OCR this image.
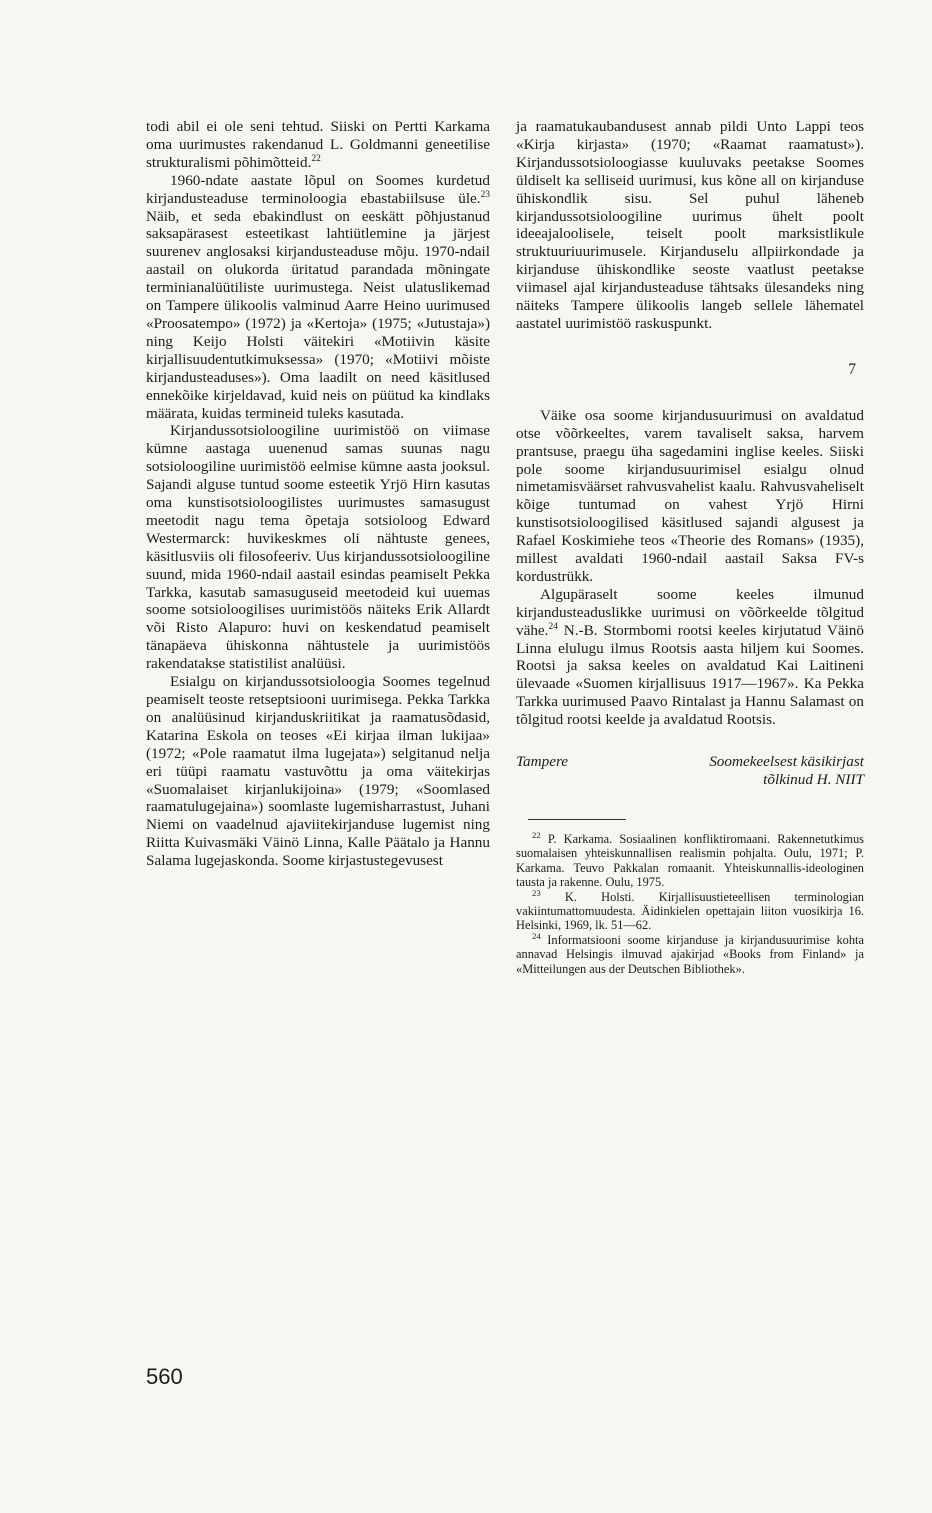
todi abil ei ole seni tehtud. Siiski on Pertti Karkama oma uurimustes rakendanud L. Goldmanni geneetilise strukturalismi põhimõtteid.$^{22}$

1960-ndate aastate lõpul on Soomes kurdetud kirjandusteaduse terminoloogia ebastabiilsuse üle.$^{23}$ Näib, et seda ebakindlust on eeskätt põhjustanud saksapärasest esteetikast lahtiütlemine ja järjest suurenev anglosaksi kirjandusteaduse mõju. 1970-ndail aastail on olukorda üritatud parandada mõningate terminianalüütiliste uurimustega. Neist ulatuslikemad on Tampere ülikoolis valminud Aarre Heino uurimused «Proosatempo» (1972) ja «Kertoja» (1975; «Jutustaja») ning Keijo Holsti väitekiri «Motiivin käsite kirjallisuudentutkimuksessa» (1970; «Motiivi mõiste kirjandusteaduses»). Oma laadilt on need käsitlused ennekõike kirjeldavad, kuid neis on püütud ka kindlaks määrata, kuidas termineid tuleks kasutada.

Kirjandussotsioloogiline uurimistöö on viimase kümne aastaga uuenenud samas suunas nagu sotsioloogiline uurimistöö eelmise kümne aasta jooksul. Sajandi alguse tuntud soome esteetik Yrjö Hirn kasutas oma kunstisotsioloogilistes uurimustes samasugust meetodit nagu tema õpetaja sotsioloog Edward Westermarck: huvikeskmes oli nähtuste genees, käsitlusviis oli filosofeeriv. Uus kirjandussotsioloogiline suund, mida 1960-ndail aastail esindas peamiselt Pekka Tarkka, kasutab samasuguseid meetodeid kui uuemas soome sotsioloogilises uurimistöös näiteks Erik Allardt või Risto Alapuro: huvi on keskendatud peamiselt tänapäeva ühiskonna nähtustele ja uurimistöös rakendatakse statistilist analüüsi.

Esialgu on kirjandussotsioloogia Soomes tegelnud peamiselt teoste retseptsiooni uurimisega. Pekka Tarkka on analüüsinud kirjanduskriitikat ja raamatusõdasid, Katarina Eskola on teoses «Ei kirjaa ilman lukijaa» (1972; «Pole raamatut ilma lugejata») selgitanud nelja eri tüüpi raamatu vastuvõttu ja oma väitekirjas «Suomalaiset kirjanlukijoina» (1979; «Soomlased raamatulugejaina») soomlaste lugemisharrastust, Juhani Niemi on vaadelnud ajaviitekirjanduse lugemist ning Riitta Kuivasmäki Väinö Linna, Kalle Päätalo ja Hannu Salama lugejaskonda. Soome kirjastustegevusest

ja raamatukaubandusest annab pildi Unto Lappi teos «Kirja kirjasta» (1970; «Raamat raamatust»). Kirjandussotsioloogiasse kuuluvaks peetakse Soomes üldiselt ka selliseid uurimusi, kus kõne all on kirjanduse ühiskondlik sisu. Sel puhul läheneb kirjandussotsioloogiline uurimus ühelt poolt ideeajaloolisele, teiselt poolt marksistlikule struktuuriuurimusele. Kirjanduselu allpiirkondade ja kirjanduse ühiskondlike seoste vaatlust peetakse viimasel ajal kirjandusteaduse tähtsaks ülesandeks ning näiteks Tampere ülikoolis langeb sellele lähematel aastatel uurimistöö raskuspunkt.

7

Väike osa soome kirjandusuurimusi on avaldatud otse võõrkeeltes, varem tavaliselt saksa, harvem prantsuse, praegu üha sagedamini inglise keeles. Siiski pole soome kirjandusuurimisel esialgu olnud nimetamisväärset rahvusvahelist kaalu. Rahvusvaheliselt kõige tuntumad on vahest Yrjö Hirni kunstisotsioloogilised käsitlused sajandi algusest ja Rafael Koskimiehe teos «Theorie des Romans» (1935), millest avaldati 1960-ndail aastail Saksa FV-s kordustrükk.

Algupäraselt soome keeles ilmunud kirjandusteaduslikke uurimusi on võõrkeelde tõlgitud vähe.$^{24}$ N.-B. Stormbomi rootsi keeles kirjutatud Väinö Linna elulugu ilmus Rootsis aasta hiljem kui Soomes. Rootsi ja saksa keeles on avaldatud Kai Laitineni ülevaade «Suomen kirjallisuus 1917—1967». Ka Pekka Tarkka uurimused Paavo Rintalast ja Hannu Salamast on tõlgitud rootsi keelde ja avaldatud Rootsis.

Tampere	Soomekeelsest käsikirjast
tõlkinud H. NIIT

$^{22}$ P. Karkama. Sosiaalinen konfliktiromaani. Rakennetutkimus suomalaisen yhteiskunnallisen realismin pohjalta. Oulu, 1971; P. Karkama. Teuvo Pakkalan romaanit. Yhteiskunnallis-ideologinen tausta ja rakenne. Oulu, 1975.

$^{23}$ K. Holsti. Kirjallisuustieteellisen terminologian vakiintumattomuudesta. Äidinkielen opettajain liiton vuosikirja 16. Helsinki, 1969, lk. 51—62.

$^{24}$ Informatsiooni soome kirjanduse ja kirjandusuurimise kohta annavad Helsingis ilmuvad ajakirjad «Books from Finland» ja «Mitteilungen aus der Deutschen Bibliothek».

560
